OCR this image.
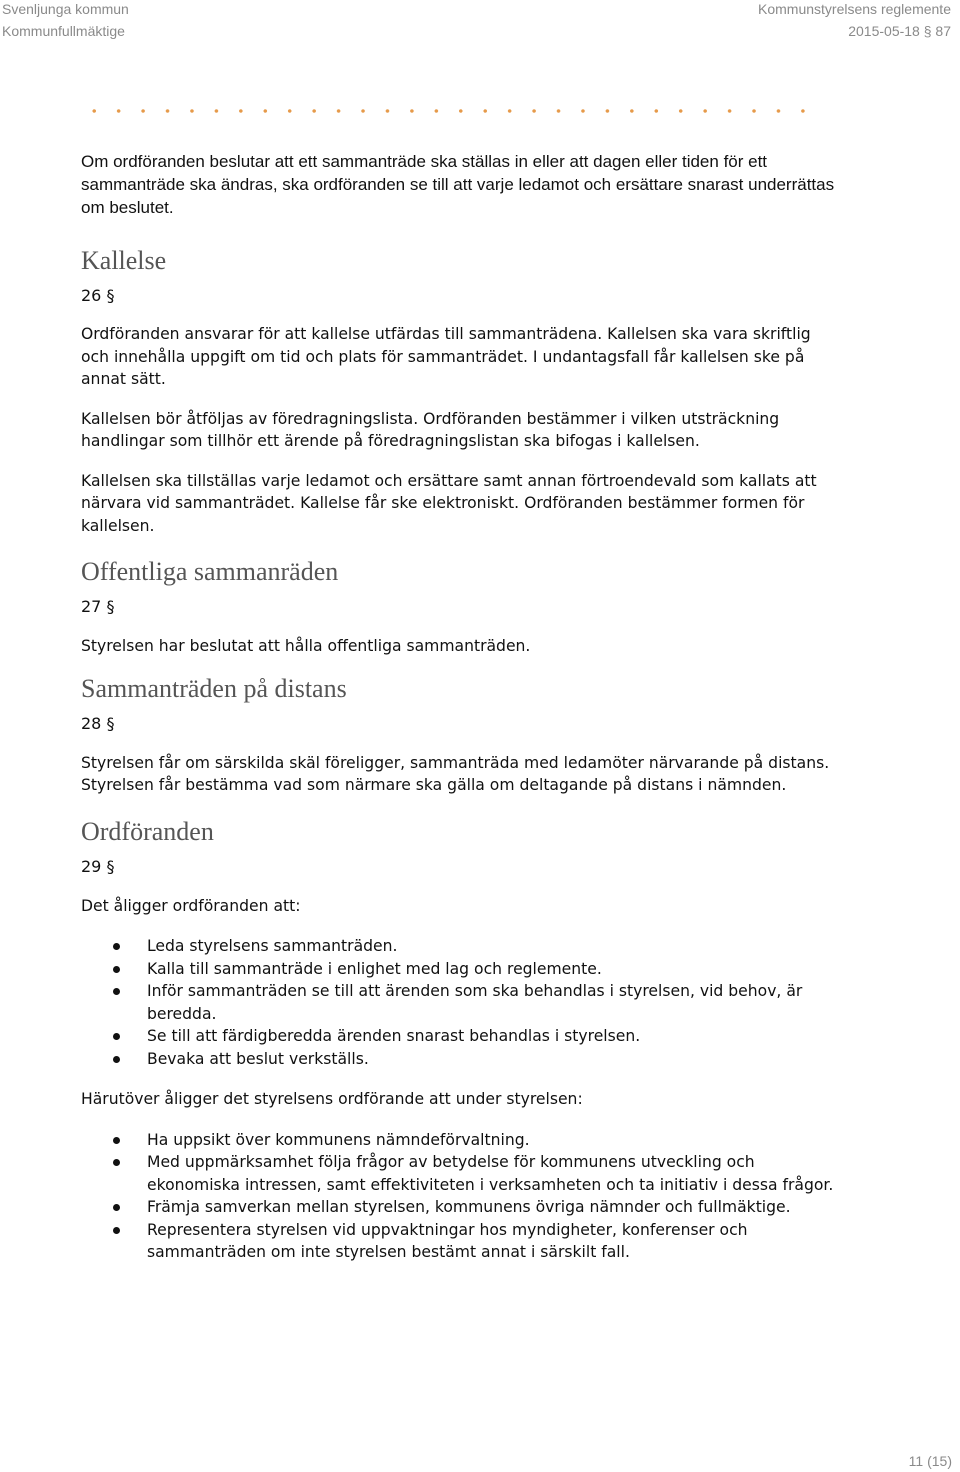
Svenljunga kommun
Kommunfullmäktige
Kommunstyrelsens reglemente
2015-05-18 § 87

Om ordföranden beslutar att ett sammanträde ska ställas in eller att dagen eller tiden för ett sammanträde ska ändras, ska ordföranden se till att varje ledamot och ersättare snarast underrättas om beslutet.

Kallelse
26 §

Ordföranden ansvarar för att kallelse utfärdas till sammanträdena. Kallelsen ska vara skriftlig och innehålla uppgift om tid och plats för sammanträdet. I undantagsfall får kallelsen ske på annat sätt.

Kallelsen bör åtföljas av föredragningslista. Ordföranden bestämmer i vilken utsträckning handlingar som tillhör ett ärende på föredragningslistan ska bifogas i kallelsen.

Kallelsen ska tillställas varje ledamot och ersättare samt annan förtroendevald som kallats att närvara vid sammanträdet. Kallelse får ske elektroniskt. Ordföranden bestämmer formen för kallelsen.

Offentliga sammanräden
27 §

Styrelsen har beslutat att hålla offentliga sammanträden.

Sammanträden på distans
28 §

Styrelsen får om särskilda skäl föreligger, sammanträda med ledamöter närvarande på distans. Styrelsen får bestämma vad som närmare ska gälla om deltagande på distans i nämnden.

Ordföranden
29 §

Det åligger ordföranden att:

Leda styrelsens sammanträden.
Kalla till sammanträde i enlighet med lag och reglemente.
Inför sammanträden se till att ärenden som ska behandlas i styrelsen, vid behov, är beredda.
Se till att färdigberedda ärenden snarast behandlas i styrelsen.
Bevaka att beslut verkställs.

Härutöver åligger det styrelsens ordförande att under styrelsen:

Ha uppsikt över kommunens nämndeförvaltning.
Med uppmärksamhet följa frågor av betydelse för kommunens utveckling och ekonomiska intressen, samt effektiviteten i verksamheten och ta initiativ i dessa frågor.
Främja samverkan mellan styrelsen, kommunens övriga nämnder och fullmäktige.
Representera styrelsen vid uppvaktningar hos myndigheter, konferenser och sammanträden om inte styrelsen bestämt annat i särskilt fall.
11 (15)
